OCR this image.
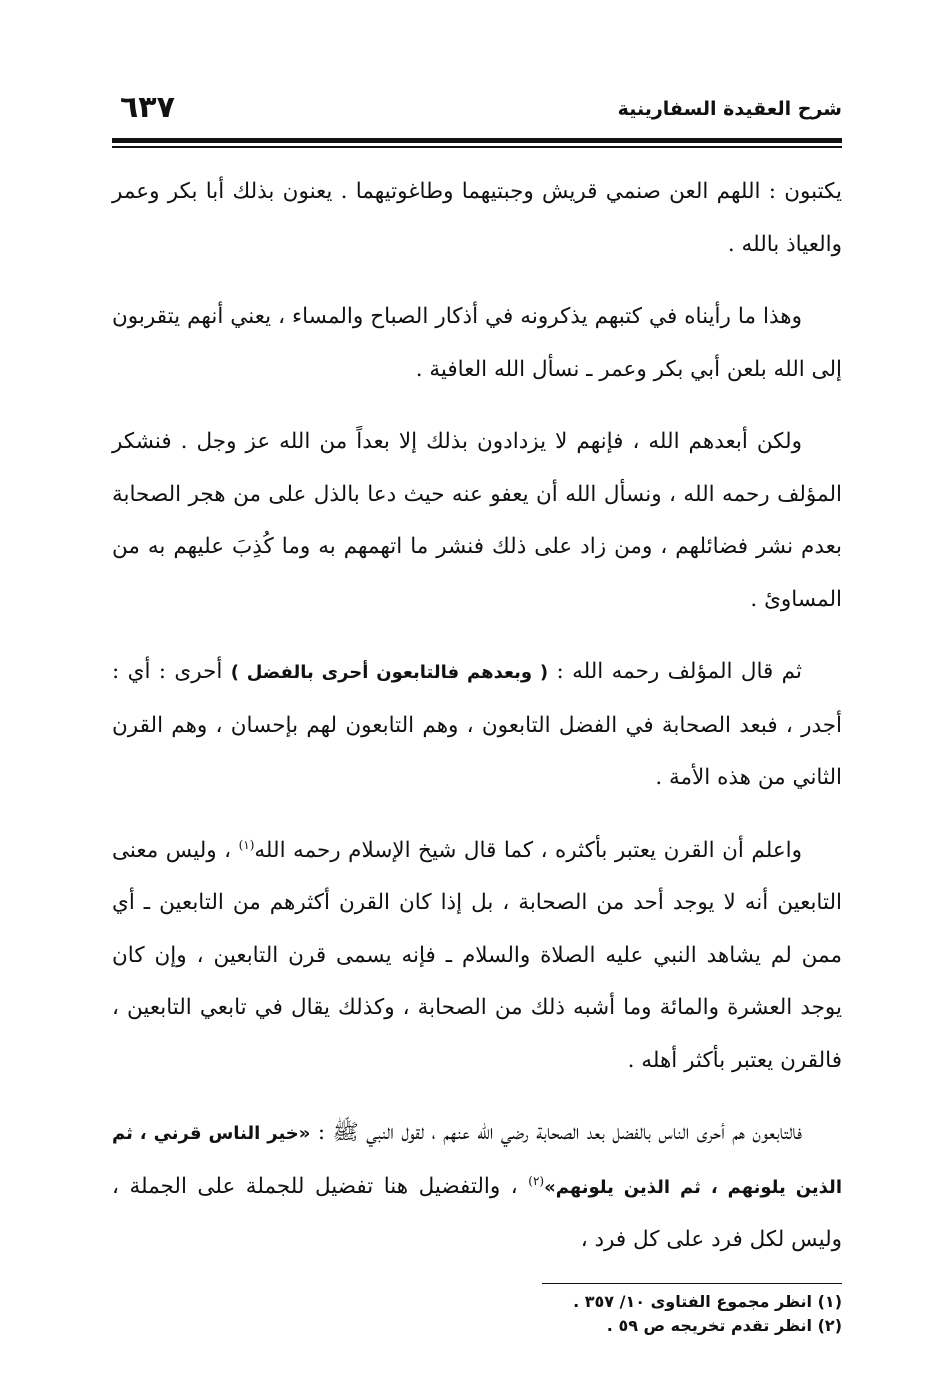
شرح العقيدة السفارينية
٦٣٧

يكتبون : اللهم العن صنمي قريش وجبتيهما وطاغوتيهما . يعنون بذلك أبا بكر وعمر والعياذ بالله .

وهذا ما رأيناه في كتبهم يذكرونه في أذكار الصباح والمساء ، يعني أنهم يتقربون إلى الله بلعن أبي بكر وعمر ـ نسأل الله العافية .

ولكن أبعدهم الله ، فإنهم لا يزدادون بذلك إلا بعداً من الله عز وجل . فنشكر المؤلف رحمه الله ، ونسأل الله أن يعفو عنه حيث دعا بالذل على من هجر الصحابة بعدم نشر فضائلهم ، ومن زاد على ذلك فنشر ما اتهمهم به وما كُذِبَ عليهم به من المساوئ .

ثم قال المؤلف رحمه الله : ( وبعدهم فالتابعون أحرى بالفضل ) أحرى : أي : أجدر ، فبعد الصحابة في الفضل التابعون ، وهم التابعون لهم بإحسان ، وهم القرن الثاني من هذه الأمة .

واعلم أن القرن يعتبر بأكثره ، كما قال شيخ الإسلام رحمه الله$^{(١)}$ ، وليس معنى التابعين أنه لا يوجد أحد من الصحابة ، بل إذا كان القرن أكثرهم من التابعين ـ أي ممن لم يشاهد النبي عليه الصلاة والسلام ـ فإنه يسمى قرن التابعين ، وإن كان يوجد العشرة والمائة وما أشبه ذلك من الصحابة ، وكذلك يقال في تابعي التابعين ، فالقرن يعتبر بأكثر أهله .

فالتابعون هم أحرى الناس بالفضل بعد الصحابة رضي الله عنهم ، لقول النبي ﷺ : «خير الناس قرني ، ثم الذين يلونهم ، ثم الذين يلونهم»$^{(٢)}$ ، والتفضيل هنا تفضيل للجملة على الجملة ، وليس لكل فرد على كل فرد ،

(١) انظر مجموع الفتاوى ١٠/ ٣٥٧ .
(٢) انظر تقدم تخريجه ص ٥٩ .
